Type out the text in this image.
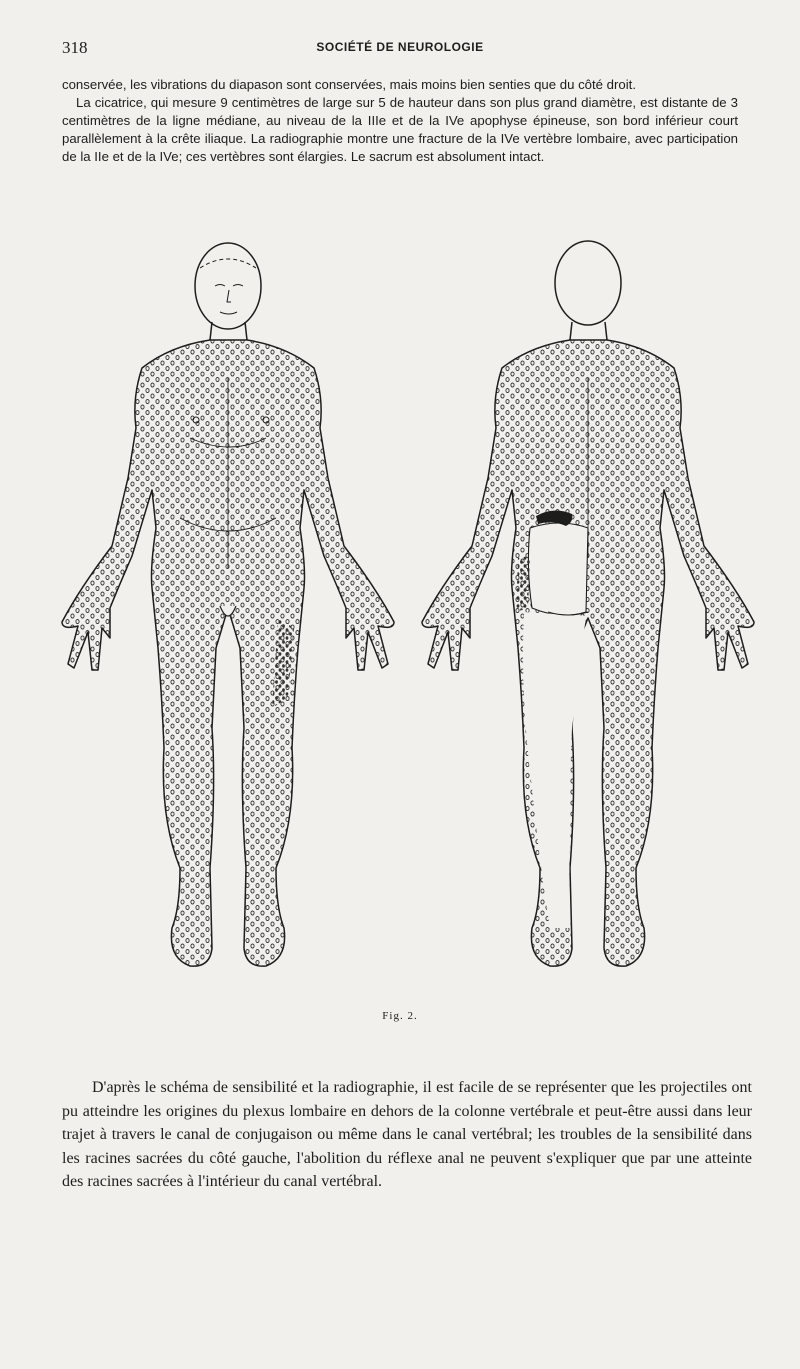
318	SOCIÉTÉ DE NEUROLOGIE

conservée, les vibrations du diapason sont conservées, mais moins bien senties que du côté droit.

La cicatrice, qui mesure 9 centimètres de large sur 5 de hauteur dans son plus grand diamètre, est distante de 3 centimètres de la ligne médiane, au niveau de la IIIe et de la IVe apophyse épineuse, son bord inférieur court parallèlement à la crête iliaque. La radiographie montre une fracture de la IVe vertèbre lombaire, avec participation de la IIe et de la IVe; ces vertèbres sont élargies. Le sacrum est absolument intact.

Fig. 2.

D'après le schéma de sensibilité et la radiographie, il est facile de se représenter que les projectiles ont pu atteindre les origines du plexus lombaire en dehors de la colonne vertébrale et peut-être aussi dans leur trajet à travers le canal de conjugaison ou même dans le canal vertébral; les troubles de la sensibilité dans les racines sacrées du côté gauche, l'abolition du réflexe anal ne peuvent s'expliquer que par une atteinte des racines sacrées à l'intérieur du canal vertébral.
